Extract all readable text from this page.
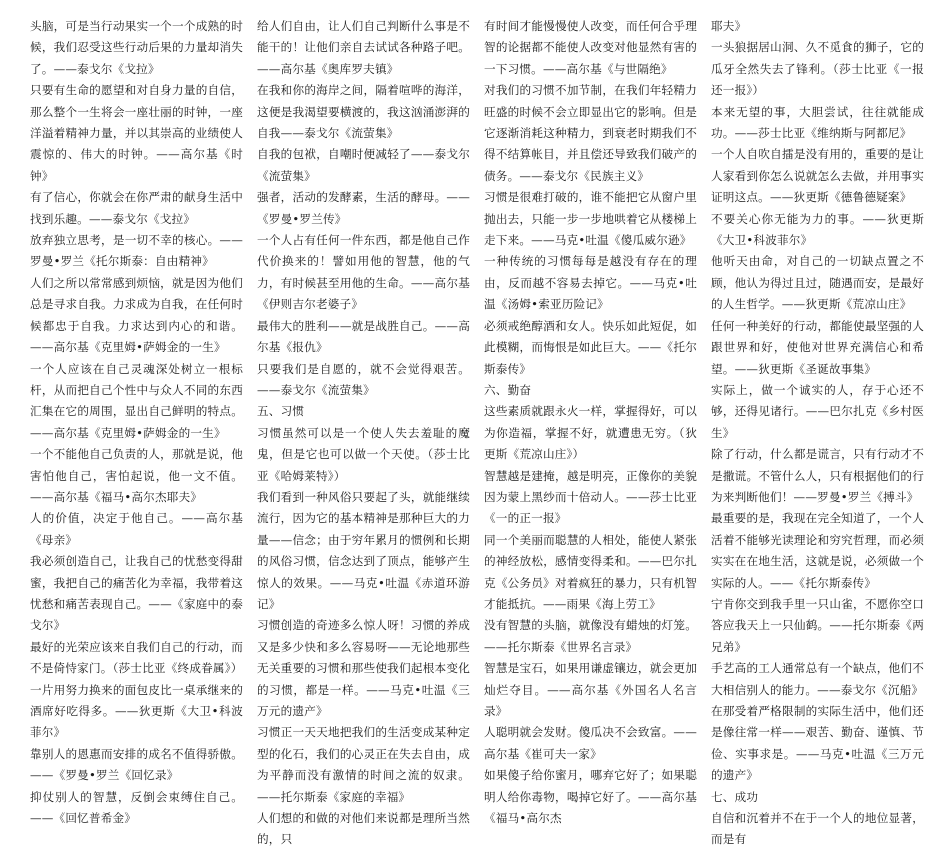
头脑，可是当行动果实一个一个成熟的时候，我们忍受这些行动后果的力量却消失了。——泰戈尔《戈拉》

只要有生命的愿望和对自身力量的自信，那么整个一生将会一座壮丽的时钟，一座洋溢着精神力量，并以其崇高的业绩使人震惊的、伟大的时钟。——高尔基《时钟》

有了信心，你就会在你严肃的献身生活中找到乐趣。——泰戈尔《戈拉》

放弃独立思考，是一切不幸的核心。——罗曼•罗兰《托尔斯泰：自由精神》

人们之所以常常感到烦恼，就是因为他们总是寻求自我。力求成为自我，在任何时候都忠于自我。力求达到内心的和谐。——高尔基《克里姆•萨姆金的一生》

一个人应该在自己灵魂深处树立一根标杆，从而把自己个性中与众人不同的东西汇集在它的周围，显出自己鲜明的特点。——高尔基《克里姆•萨姆金的一生》

一个不能他自己负责的人，那就是说，他害怕他自己，害怕起说，他一文不值。——高尔基《福马•高尔杰耶夫》

人的价值，决定于他自己。——高尔基《母亲》

我必须创造自己，让我自己的忧愁变得甜蜜，我把自己的痛苦化为幸福，我带着这忧愁和痛苦表现自己。——《家庭中的泰戈尔》

最好的光荣应该来自我们自己的行动，而不是倚恃家门。（莎士比亚《终成眷属》）

一片用努力换来的面包皮比一桌承继来的酒席好吃得多。——狄更斯《大卫•科波菲尔》

靠别人的恩惠而安排的成名不值得骄傲。——《罗曼•罗兰《回忆录》

抑仗别人的智慧，反倒会束缚住自己。——《回忆普希金》

给人们自由，让人们自己判断什么事是不能干的！让他们亲自去试试各种路子吧。——高尔基《奥库罗夫镇》

在我和你的海岸之间，隔着喧哗的海洋，这便是我渴望要横渡的，我这汹涌澎湃的自我——泰戈尔《流萤集》

自我的包袱，自嘲时便减轻了——泰戈尔《流萤集》

强者，活动的发酵素，生活的酵母。——《罗曼•罗兰传》

一个人占有任何一件东西，都是他自己作代价换来的！譬如用他的智慧，他的气力，有时候甚至用他的生命。——高尔基《伊则吉尔老婆子》

最伟大的胜利——就是战胜自己。——高尔基《报仇》

只要我们是自愿的，就不会觉得艰苦。——泰戈尔《流萤集》

五、习惯

习惯虽然可以是一个使人失去羞耻的魔鬼，但是它也可以做一个天使。（莎士比亚《哈姆莱特》）

我们看到一种风俗只要起了头，就能继续流行，因为它的基本精神是那种巨大的力量——信念；由于穷年累月的惯例和长期的风俗习惯，信念达到了顶点，能够产生惊人的效果。——马克•吐温《赤道环游记》

习惯创造的奇迹多么惊人呀！习惯的养成又是多少快和多么容易呀——无论地那些无关重要的习惯和那些使我们起根本变化的习惯，都是一样。——马克•吐温《三万元的遗产》

习惯正一天天地把我们的生活变成某种定型的化石，我们的心灵正在失去自由，成为平静而没有激情的时间之流的奴隶。——托尔斯泰《家庭的幸福》

人们想的和做的对他们来说都是理所当然的，只

有时间才能慢慢使人改变，而任何合乎理智的论据都不能使人改变对他显然有害的一下习惯。——高尔基《与世隔绝》

对我们的习惯不加节制，在我们年轻精力旺盛的时候不会立即显出它的影响。但是它逐渐消耗这种精力，到衰老时期我们不得不结算帐目，并且偿还导致我们破产的债务。——泰戈尔《民族主义》

习惯是很难打破的，谁不能把它从窗户里抛出去，只能一步一步地哄着它从楼梯上走下来。——马克•吐温《傻瓜威尔逊》

一种传统的习惯每每是越没有存在的理由，反而越不容易去掉它。——马克•吐温《汤姆•索亚历险记》

必须戒绝醇酒和女人。快乐如此短促，如此模糊，而悔恨是如此巨大。——《托尔斯泰传》

六、勤奋

这些素质就跟永火一样，掌握得好，可以为你造福，掌握不好，就遭患无穷。（狄更斯《荒凉山庄》）

智慧越是建掩，越是明亮，正像你的美貌因为蒙上黑纱而十倍动人。——莎士比亚《一的正一报》

同一个美丽而聪慧的人相处，能使人紧张的神经放松，感情变得柔和。——巴尔扎克《公务员》对着疯狂的暴力，只有机智才能抵抗。——雨果《海上劳工》

没有智慧的头脑，就像没有蜡烛的灯笼。——托尔斯泰《世界名言录》

智慧是宝石，如果用谦虚镶边，就会更加灿烂夺目。——高尔基《外国名人名言录》

人聪明就会发财。傻瓜决不会致富。——高尔基《崔可夫一家》

如果傻子给你蜜月，哪弃它好了；如果聪明人给你毒物，喝掉它好了。——高尔基《福马•高尔杰

耶夫》

一头狼据居山洞、久不觅食的狮子，它的瓜牙全然失去了锋利。（莎士比亚《一报还一报》）

本来无望的事，大胆尝试，往往就能成功。——莎士比亚《维纳斯与阿都尼》

一个人自吹自擂是没有用的，重要的是让人家看到你怎么说就怎么去做，并用事实证明这点。——狄更斯《德鲁德疑案》

不要关心你无能为力的事。——狄更斯《大卫•科波菲尔》

他听天由命，对自己的一切缺点置之不顾，他认为得过且过，随遇而安，是最好的人生哲学。——狄更斯《荒凉山庄》

任何一种美好的行动，都能使最坚强的人跟世界和好，使他对世界充满信心和希望。——狄更斯《圣诞故事集》

实际上，做一个诚实的人，存于心还不够，还得见诸行。——巴尔扎克《乡村医生》

除了行动，什么都是谎言，只有行动才不是撒谎。不管什么人，只有根据他们的行为来判断他们！——罗曼•罗兰《搏斗》

最重要的是，我现在完全知道了，一个人活着不能够光读理论和穷究哲理，而必须实实在在地生活，这就是说，必须做一个实际的人。——《托尔斯泰传》

宁肯你交到我手里一只山雀，不愿你空口答应我天上一只仙鹤。——托尔斯泰《两兄弟》

手艺高的工人通常总有一个缺点，他们不大相信别人的能力。——泰戈尔《沉船》

在那受着严格限制的实际生活中，他们还是像往常一样——艰苦、勤奋、谨慎、节俭、实事求是。——马克•吐温《三万元的遗产》

七、成功

自信和沉着并不在于一个人的地位显著，而是有
